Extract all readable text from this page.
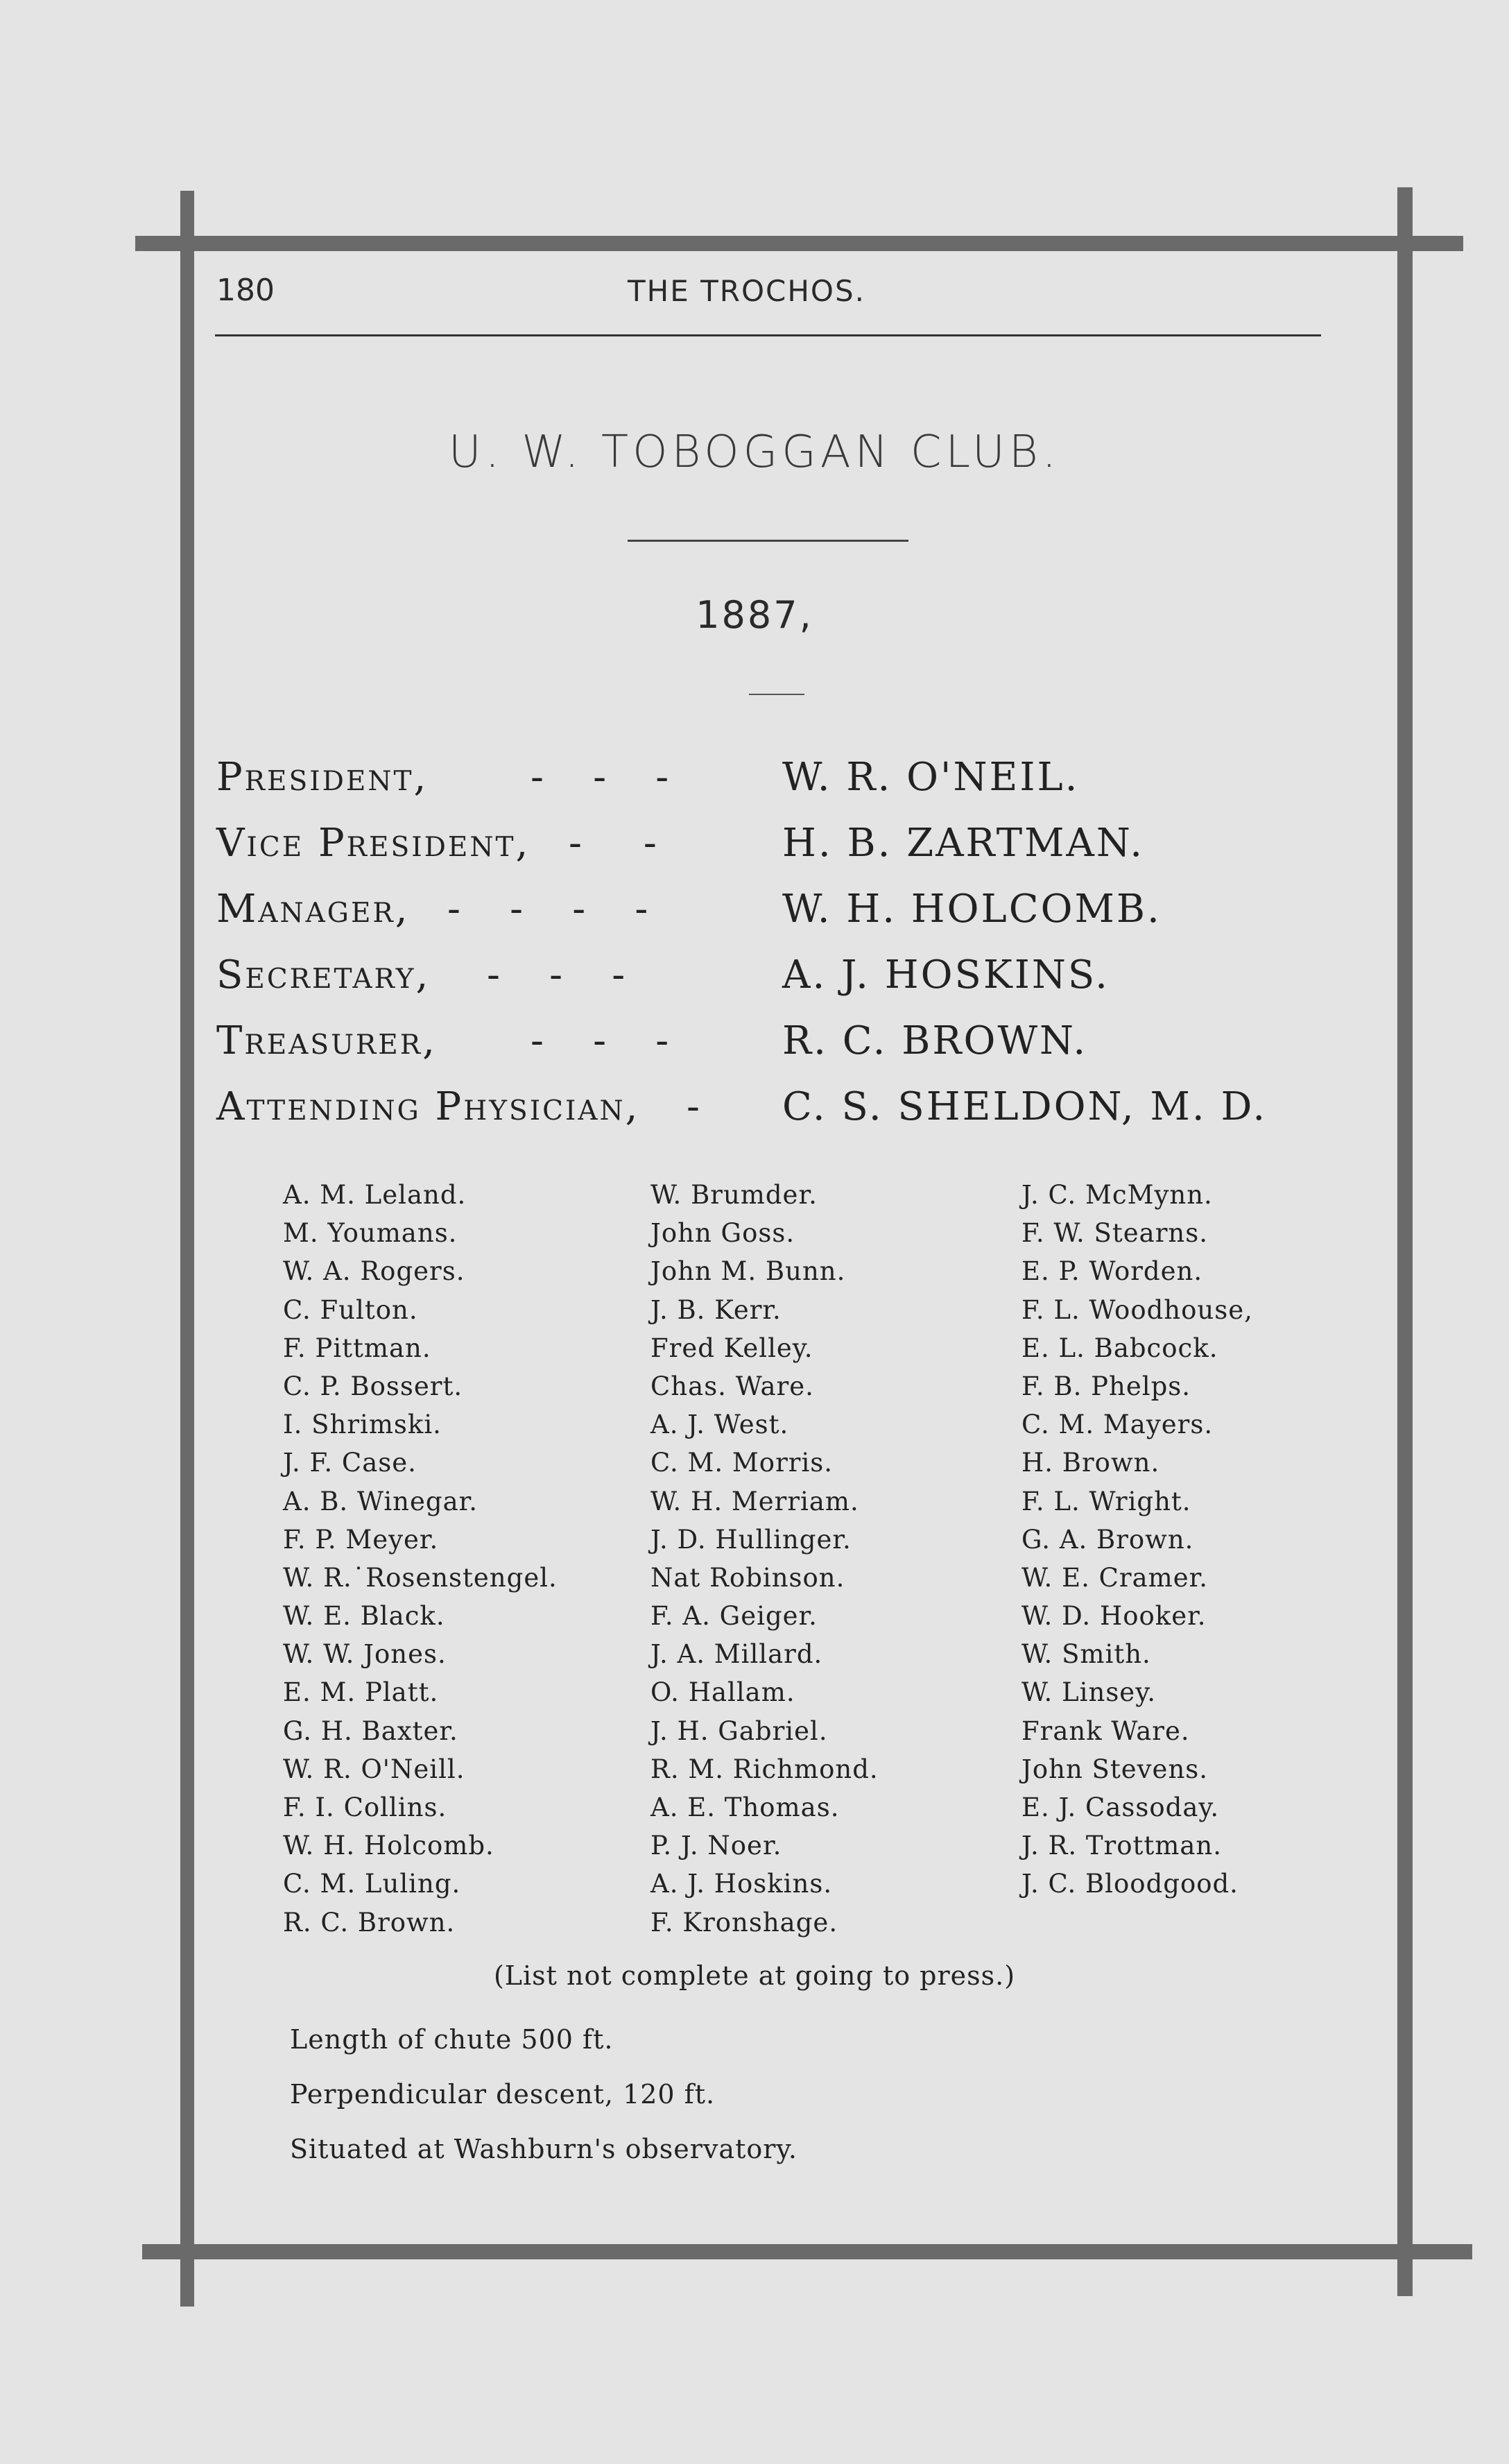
180	THE TROCHOS.
U. W. TOBOGGAN CLUB.
1887,
President,	-    -    -	W. R. O'NEIL.
Vice President, -     -	H. B. ZARTMAN.
Manager, -    -    -    -	W. H. HOLCOMB.
Secretary, -    -    -	A. J. HOSKINS.
Treasurer, -    -    -	R. C. BROWN.
Attending Physician, - C. S. SHELDON, M. D.
A. M. Leland.
M. Youmans.
W. A. Rogers.
C. Fulton.
F. Pittman.
C. P. Bossert.
I. Shrimski.
J. F. Case.
A. B. Winegar.
F. P. Meyer.
W. R.˙Rosenstengel.
W. E. Black.
W. W. Jones.
E. M. Platt.
G. H. Baxter.
W. R. O'Neill.
F. I. Collins.
W. H. Holcomb.
C. M. Luling.
R. C. Brown.
W. Brumder.
John Goss.
John M. Bunn.
J. B. Kerr.
Fred Kelley.
Chas. Ware.
A. J. West.
C. M. Morris.
W. H. Merriam.
J. D. Hullinger.
Nat Robinson.
F. A. Geiger.
J. A. Millard.
O. Hallam.
J. H. Gabriel.
R. M. Richmond.
A. E. Thomas.
P. J. Noer.
A. J. Hoskins.
F. Kronshage.
J. C. McMynn.
F. W. Stearns.
E. P. Worden.
F. L. Woodhouse,
E. L. Babcock.
F. B. Phelps.
C. M. Mayers.
H. Brown.
F. L. Wright.
G. A. Brown.
W. E. Cramer.
W. D. Hooker.
W. Smith.
W. Linsey.
Frank Ware.
John Stevens.
E. J. Cassoday.
J. R. Trottman.
J. C. Bloodgood.
(List not complete at going to press.)
Length of chute 500 ft.
Perpendicular descent, 120 ft.
Situated at Washburn's observatory.
